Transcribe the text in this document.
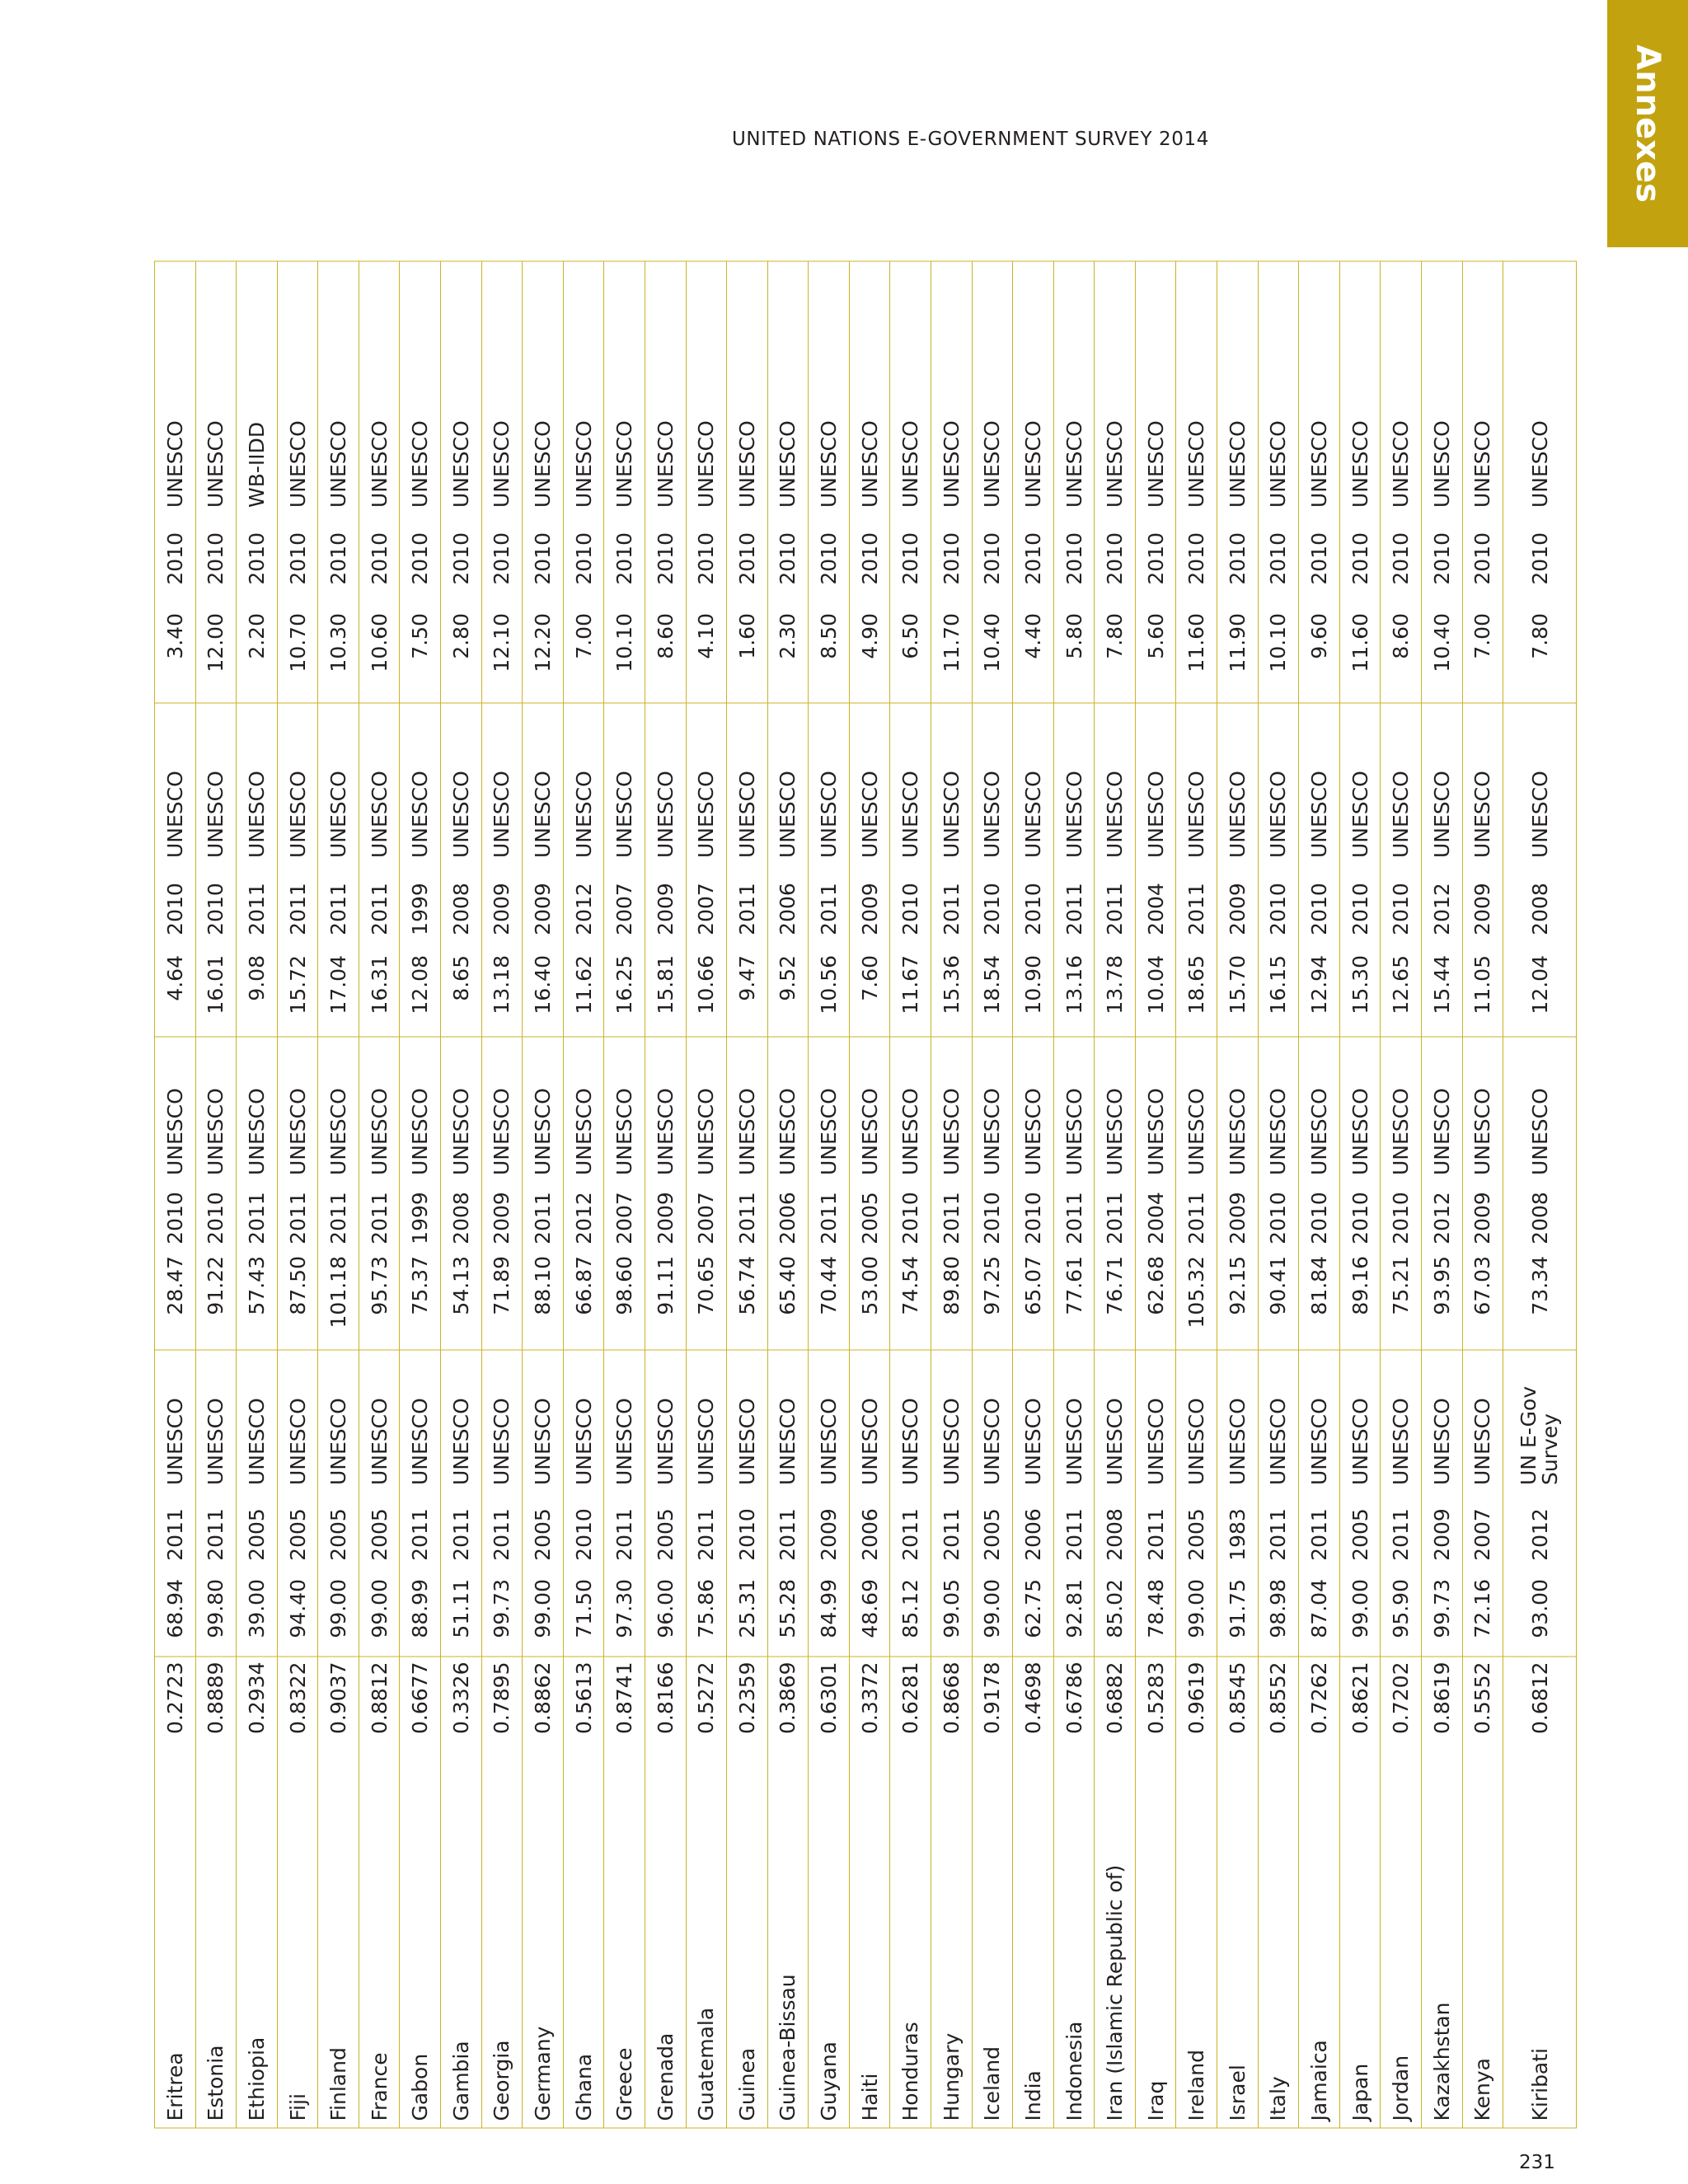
Annexes
UNITED NATIONS E-GOVERNMENT SURVEY 2014
Eritrea	0.2723	68.94	2011	UNESCO	28.47	2010	UNESCO	4.64	2010	UNESCO	3.40	2010	UNESCO
Estonia	0.8889	99.80	2011	UNESCO	91.22	2010	UNESCO	16.01	2010	UNESCO	12.00	2010	UNESCO
Ethiopia	0.2934	39.00	2005	UNESCO	57.43	2011	UNESCO	9.08	2011	UNESCO	2.20	2010	WB-IIDD
Fiji	0.8322	94.40	2005	UNESCO	87.50	2011	UNESCO	15.72	2011	UNESCO	10.70	2010	UNESCO
Finland	0.9037	99.00	2005	UNESCO	101.18	2011	UNESCO	17.04	2011	UNESCO	10.30	2010	UNESCO
France	0.8812	99.00	2005	UNESCO	95.73	2011	UNESCO	16.31	2011	UNESCO	10.60	2010	UNESCO
Gabon	0.6677	88.99	2011	UNESCO	75.37	1999	UNESCO	12.08	1999	UNESCO	7.50	2010	UNESCO
Gambia	0.3326	51.11	2011	UNESCO	54.13	2008	UNESCO	8.65	2008	UNESCO	2.80	2010	UNESCO
Georgia	0.7895	99.73	2011	UNESCO	71.89	2009	UNESCO	13.18	2009	UNESCO	12.10	2010	UNESCO
Germany	0.8862	99.00	2005	UNESCO	88.10	2011	UNESCO	16.40	2009	UNESCO	12.20	2010	UNESCO
Ghana	0.5613	71.50	2010	UNESCO	66.87	2012	UNESCO	11.62	2012	UNESCO	7.00	2010	UNESCO
Greece	0.8741	97.30	2011	UNESCO	98.60	2007	UNESCO	16.25	2007	UNESCO	10.10	2010	UNESCO
Grenada	0.8166	96.00	2005	UNESCO	91.11	2009	UNESCO	15.81	2009	UNESCO	8.60	2010	UNESCO
Guatemala	0.5272	75.86	2011	UNESCO	70.65	2007	UNESCO	10.66	2007	UNESCO	4.10	2010	UNESCO
Guinea	0.2359	25.31	2010	UNESCO	56.74	2011	UNESCO	9.47	2011	UNESCO	1.60	2010	UNESCO
Guinea-Bissau	0.3869	55.28	2011	UNESCO	65.40	2006	UNESCO	9.52	2006	UNESCO	2.30	2010	UNESCO
Guyana	0.6301	84.99	2009	UNESCO	70.44	2011	UNESCO	10.56	2011	UNESCO	8.50	2010	UNESCO
Haiti	0.3372	48.69	2006	UNESCO	53.00	2005	UNESCO	7.60	2009	UNESCO	4.90	2010	UNESCO
Honduras	0.6281	85.12	2011	UNESCO	74.54	2010	UNESCO	11.67	2010	UNESCO	6.50	2010	UNESCO
Hungary	0.8668	99.05	2011	UNESCO	89.80	2011	UNESCO	15.36	2011	UNESCO	11.70	2010	UNESCO
Iceland	0.9178	99.00	2005	UNESCO	97.25	2010	UNESCO	18.54	2010	UNESCO	10.40	2010	UNESCO
India	0.4698	62.75	2006	UNESCO	65.07	2010	UNESCO	10.90	2010	UNESCO	4.40	2010	UNESCO
Indonesia	0.6786	92.81	2011	UNESCO	77.61	2011	UNESCO	13.16	2011	UNESCO	5.80	2010	UNESCO
Iran (Islamic Republic of)	0.6882	85.02	2008	UNESCO	76.71	2011	UNESCO	13.78	2011	UNESCO	7.80	2010	UNESCO
Iraq	0.5283	78.48	2011	UNESCO	62.68	2004	UNESCO	10.04	2004	UNESCO	5.60	2010	UNESCO
Ireland	0.9619	99.00	2005	UNESCO	105.32	2011	UNESCO	18.65	2011	UNESCO	11.60	2010	UNESCO
Israel	0.8545	91.75	1983	UNESCO	92.15	2009	UNESCO	15.70	2009	UNESCO	11.90	2010	UNESCO
Italy	0.8552	98.98	2011	UNESCO	90.41	2010	UNESCO	16.15	2010	UNESCO	10.10	2010	UNESCO
Jamaica	0.7262	87.04	2011	UNESCO	81.84	2010	UNESCO	12.94	2010	UNESCO	9.60	2010	UNESCO
Japan	0.8621	99.00	2005	UNESCO	89.16	2010	UNESCO	15.30	2010	UNESCO	11.60	2010	UNESCO
Jordan	0.7202	95.90	2011	UNESCO	75.21	2010	UNESCO	12.65	2010	UNESCO	8.60	2010	UNESCO
Kazakhstan	0.8619	99.73	2009	UNESCO	93.95	2012	UNESCO	15.44	2012	UNESCO	10.40	2010	UNESCO
Kenya	0.5552	72.16	2007	UNESCO	67.03	2009	UNESCO	11.05	2009	UNESCO	7.00	2010	UNESCO
Kiribati	0.6812	93.00	2012	UN E-Gov Survey	73.34	2008	UNESCO	12.04	2008	UNESCO	7.80	2010	UNESCO
231
